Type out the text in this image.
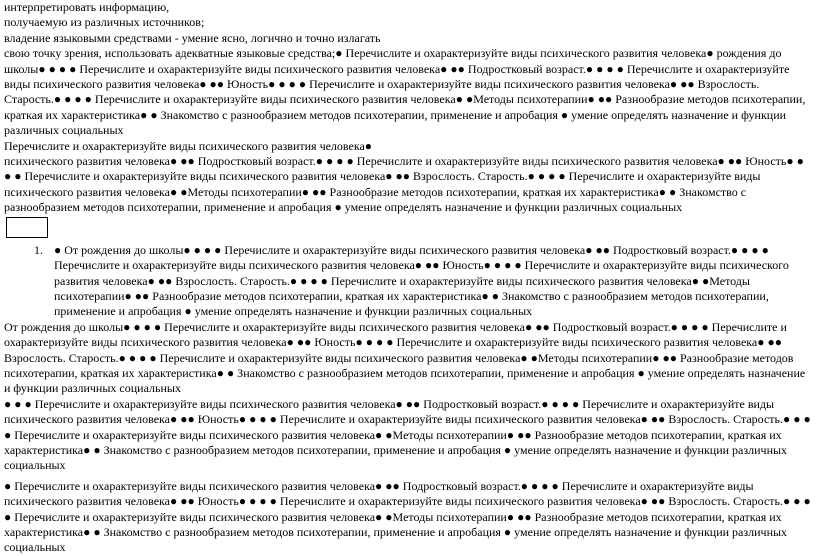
интерпретировать информацию,
получаемую из различных источников;
владение языковыми средствами - умение ясно, логично и точно излагать

свою точку зрения, использовать адекватные языковые средства;● Перечислите и охарактеризуйте виды психического развития человека● рождения до школы● ● ● ● Перечислите и охарактеризуйте виды психического развития человека● ●● Подростковый возраст.● ● ● ● Перечислите и охарактеризуйте виды психического развития человека● ●● Юность● ● ● ● Перечислите и охарактеризуйте виды психического развития человека● ●● Взрослость. Старость.● ● ● ● Перечислите и охарактеризуйте виды психического развития человека● ●Методы психотерапии● ●● Разнообразие методов психотерапии, краткая их характеристика● ● Знакомство с разнообразием методов психотерапии, применение и апробация ● умение определять назначение и функции различных социальных

Перечислите и охарактеризуйте виды психического развития человека●

психического развития человека● ●● Подростковый возраст.● ● ● ● Перечислите и охарактеризуйте виды психического развития человека● ●● Юность● ● ● ● Перечислите и охарактеризуйте виды психического развития человека● ●● Взрослость. Старость.● ● ● ● Перечислите и охарактеризуйте виды психического развития человека● ●Методы психотерапии● ●● Разнообразие методов психотерапии, краткая их характеристика● ● Знакомство с разнообразием методов психотерапии, применение и апробация ● умение определять назначение и функции различных социальных

1. ● От рождения до школы● ● ● ● Перечислите и охарактеризуйте виды психического развития человека● ●● Подростковый возраст.● ● ● ● Перечислите и охарактеризуйте виды психического развития человека● ●● Юность● ● ● ● Перечислите и охарактеризуйте виды психического развития человека● ●● Взрослость. Старость.● ● ● ● Перечислите и охарактеризуйте виды психического развития человека● ●Методы психотерапии● ●● Разнообразие методов психотерапии, краткая их характеристика● ● Знакомство с разнообразием методов психотерапии, применение и апробация ● умение определять назначение и функции различных социальных

От рождения до школы● ● ● ● Перечислите и охарактеризуйте виды психического развития человека● ●● Подростковый возраст.● ● ● ● Перечислите и охарактеризуйте виды психического развития человека● ●● Юность● ● ● ● Перечислите и охарактеризуйте виды психического развития человека● ●● Взрослость. Старость.● ● ● ● Перечислите и охарактеризуйте виды психического развития человека● ●Методы психотерапии● ●● Разнообразие методов психотерапии, краткая их характеристика● ● Знакомство с разнообразием методов психотерапии, применение и апробация ● умение определять назначение и функции различных социальных

● ● ● Перечислите и охарактеризуйте виды психического развития человека● ●● Подростковый возраст.● ● ● ● Перечислите и охарактеризуйте виды психического развития человека● ●● Юность● ● ● ● Перечислите и охарактеризуйте виды психического развития человека● ●● Взрослость. Старость.● ● ● ● Перечислите и охарактеризуйте виды психического развития человека● ●Методы психотерапии● ●● Разнообразие методов психотерапии, краткая их характеристика● ● Знакомство с разнообразием методов психотерапии, применение и апробация ● умение определять назначение и функции различных социальных

● Перечислите и охарактеризуйте виды психического развития человека● ●● Подростковый возраст.● ● ● ● Перечислите и охарактеризуйте виды психического развития человека● ●● Юность● ● ● ● Перечислите и охарактеризуйте виды психического развития человека● ●● Взрослость. Старость.● ● ● ● Перечислите и охарактеризуйте виды психического развития человека● ●Методы психотерапии● ●● Разнообразие методов психотерапии, краткая их характеристика● ● Знакомство с разнообразием методов психотерапии, применение и апробация ● умение определять назначение и функции различных социальных
